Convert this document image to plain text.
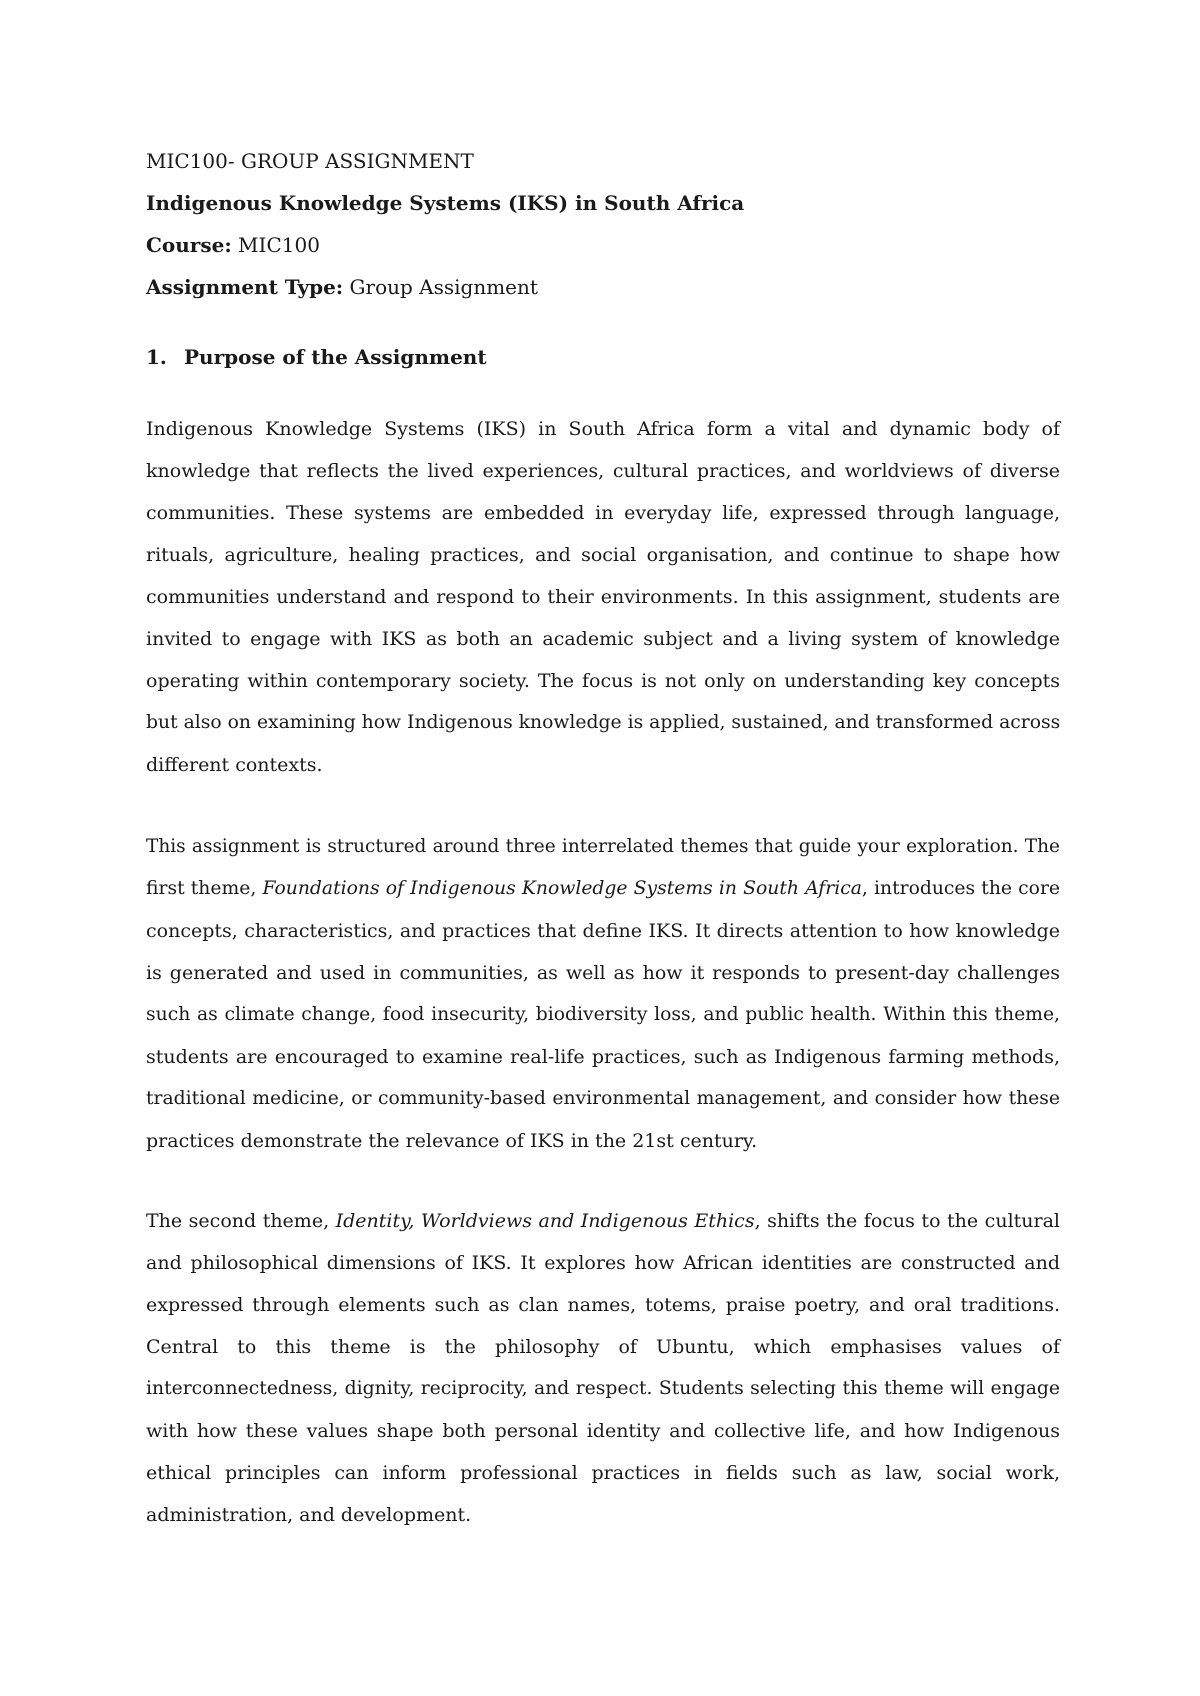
MIC100- GROUP ASSIGNMENT
Indigenous Knowledge Systems (IKS) in South Africa
Course: MIC100
Assignment Type: Group Assignment
1. Purpose of the Assignment
Indigenous Knowledge Systems (IKS) in South Africa form a vital and dynamic body of
knowledge that reflects the lived experiences, cultural practices, and worldviews of diverse
communities. These systems are embedded in everyday life, expressed through language,
rituals, agriculture, healing practices, and social organisation, and continue to shape how
communities understand and respond to their environments. In this assignment, students are
invited to engage with IKS as both an academic subject and a living system of knowledge
operating within contemporary society. The focus is not only on understanding key concepts
but also on examining how Indigenous knowledge is applied, sustained, and transformed across
different contexts.
This assignment is structured around three interrelated themes that guide your exploration. The
first theme, Foundations of Indigenous Knowledge Systems in South Africa, introduces the core
concepts, characteristics, and practices that define IKS. It directs attention to how knowledge
is generated and used in communities, as well as how it responds to present-day challenges
such as climate change, food insecurity, biodiversity loss, and public health. Within this theme,
students are encouraged to examine real-life practices, such as Indigenous farming methods,
traditional medicine, or community-based environmental management, and consider how these
practices demonstrate the relevance of IKS in the 21st century.
The second theme, Identity, Worldviews and Indigenous Ethics, shifts the focus to the cultural
and philosophical dimensions of IKS. It explores how African identities are constructed and
expressed through elements such as clan names, totems, praise poetry, and oral traditions.
Central to this theme is the philosophy of Ubuntu, which emphasises values of
interconnectedness, dignity, reciprocity, and respect. Students selecting this theme will engage
with how these values shape both personal identity and collective life, and how Indigenous
ethical principles can inform professional practices in fields such as law, social work,
administration, and development.
